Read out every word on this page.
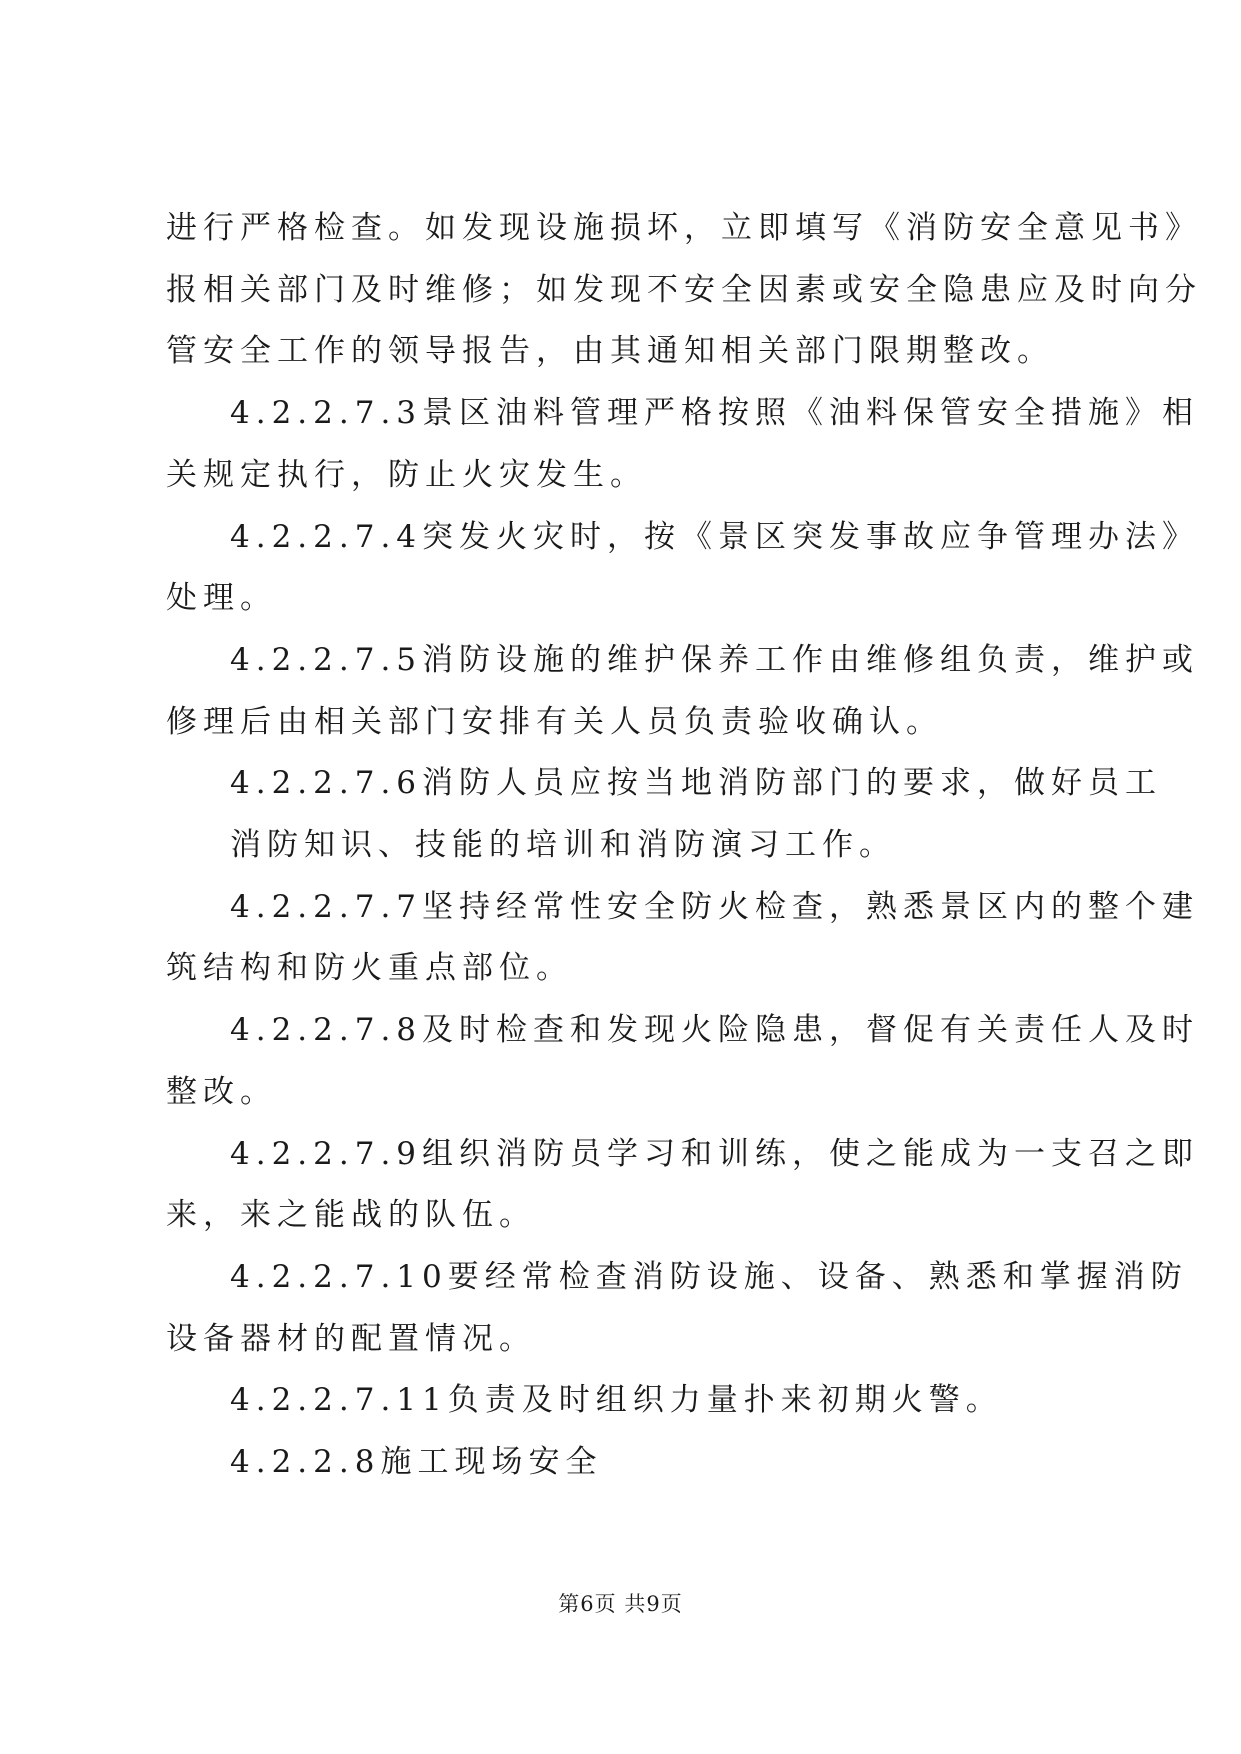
进行严格检查。如发现设施损坏，立即填写《消防安全意见书》
报相关部门及时维修；如发现不安全因素或安全隐患应及时向分
管安全工作的领导报告，由其通知相关部门限期整改。
4.2.2.7.3景区油料管理严格按照《油料保管安全措施》相
关规定执行，防止火灾发生。
4.2.2.7.4突发火灾时，按《景区突发事故应争管理办法》
处理。
4.2.2.7.5消防设施的维护保养工作由维修组负责，维护或
修理后由相关部门安排有关人员负责验收确认。
4.2.2.7.6消防人员应按当地消防部门的要求，做好员工
消防知识、技能的培训和消防演习工作。
4.2.2.7.7坚持经常性安全防火检查，熟悉景区内的整个建
筑结构和防火重点部位。
4.2.2.7.8及时检查和发现火险隐患，督促有关责任人及时
整改。
4.2.2.7.9组织消防员学习和训练，使之能成为一支召之即
来，来之能战的队伍。
4.2.2.7.10要经常检查消防设施、设备、熟悉和掌握消防
设备器材的配置情况。
4.2.2.7.11负责及时组织力量扑来初期火警。
4.2.2.8施工现场安全
第6页 共9页
